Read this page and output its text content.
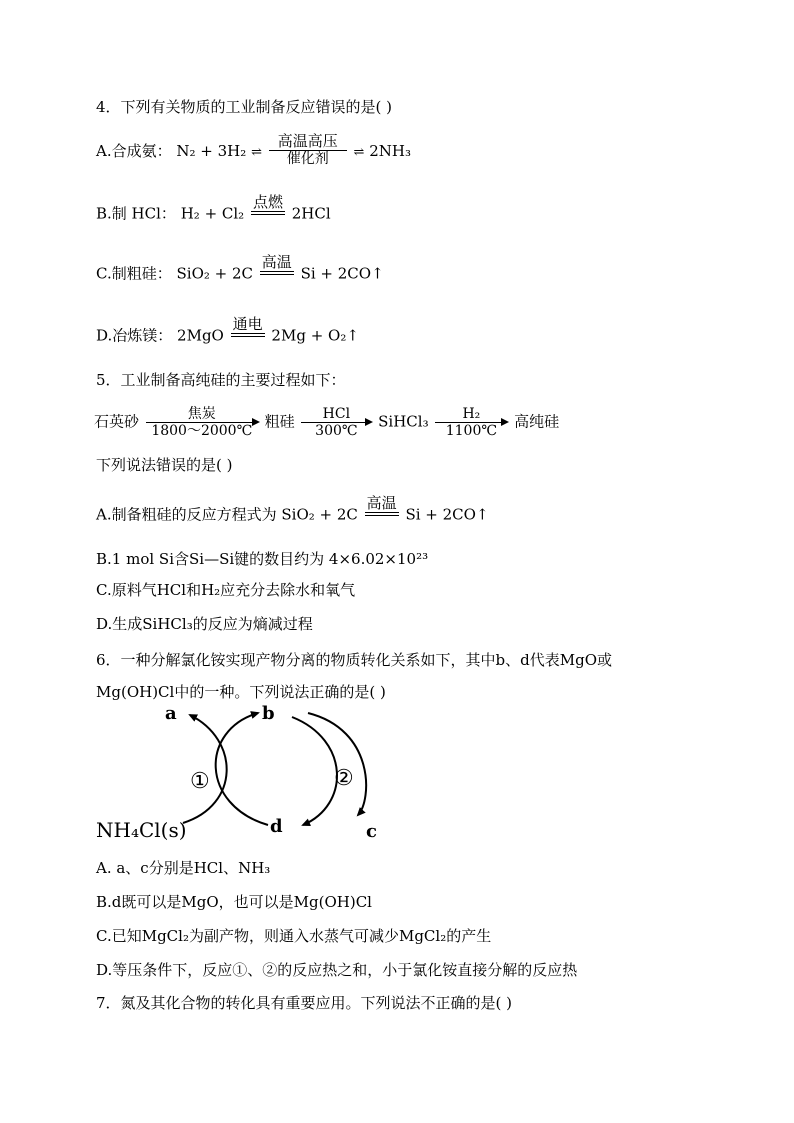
4．下列有关物质的工业制备反应错误的是( )
A.合成氨： N₂ + 3H₂ ⇌ $\frac{\text{高温高压}}{\text{催化剂}}$ ⇌ 2NH₃
B.制 HCl： H₂ + Cl₂
点燃

2HCl
C.制粗硅： SiO₂ + 2C
高温

Si + 2CO↑
D.冶炼镁： 2MgO
通电

2Mg + O₂↑
5．工业制备高纯硅的主要过程如下：
石英砂	焦炭
1800～2000℃
粗硅	HCl
300℃
SiHCl₃ $\frac{\text{H₂}}{1100℃}$ 高纯硅
下列说法错误的是( )
A.制备粗硅的反应方程式为 SiO₂ + 2C
高温

Si + 2CO↑
B.1 mol Si含Si—Si键的数目约为 4×6.02×10²³
C.原料气HCl和H₂应充分去除水和氧气
D.生成SiHCl₃的反应为熵减过程
6．一种分解氯化铵实现产物分离的物质转化关系如下，其中b、d代表MgO或
Mg(OH)Cl中的一种。下列说法正确的是( )
a	b
①	②
NH₄Cl(s)	d	c
A. a、c分别是HCl、NH₃
B.d既可以是MgO，也可以是Mg(OH)Cl
C.已知MgCl₂为副产物，则通入水蒸气可减少MgCl₂的产生
D.等压条件下，反应①、②的反应热之和，小于氯化铵直接分解的反应热
7．氮及其化合物的转化具有重要应用。下列说法不正确的是( )
